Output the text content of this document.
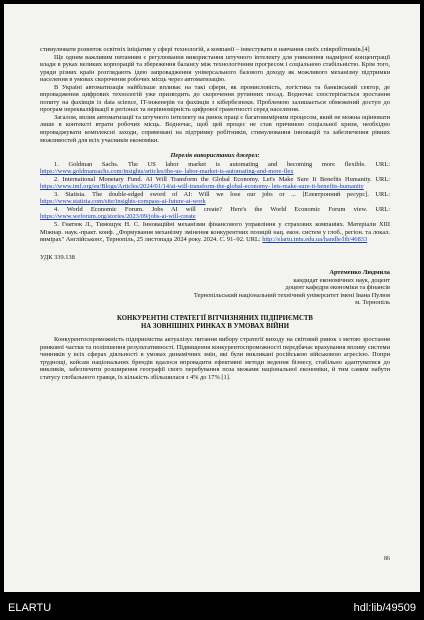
стимулювати розвиток освітніх ініціатив у сфері технологій, а компанії – інвестувати в навчання своїх співробітників.[4]

Ще одним важливим питанням є регулювання використання штучного інтелекту для уникнення надмірної концентрації влади в руках великих корпорацій та збереження балансу між технологічним прогресом і соціальною стабільністю. Крім того, уряди різних країн розглядають ідею запровадження універсального базового доходу як можливого механізму підтримки населення в умовах скорочення робочих місць через автоматизацію.

В Україні автоматизація найбільше впливає на такі сфери, як промисловість, логістика та банківський сектор, де впровадження цифрових технологій уже призводить до скорочення рутинних посад. Водночас спостерігається зростання попиту на фахівців із data science, IT-інженерів та фахівців з кібербезпеки. Проблемою залишається обмежений доступ до програм перекваліфікації в регіонах та нерівномірність цифрової грамотності серед населення.

Загалом, вплив автоматизації та штучного інтелекту на ринок праці є багатовимірним процесом, який не можна оцінювати лише в контексті втрати робочих місць. Водночас, щоб цей процес не став причиною соціальної кризи, необхідно впроваджувати комплексні заходи, спрямовані на підтримку робітників, стимулювання інновацій та забезпечення рівних можливостей для всіх учасників економіки.

Перелік використаних джерел:

1. Goldman Sachs. The US labor market is automating and becoming more flexible. URL: https://www.goldmansachs.com/insights/articles/the-us- labor-market-is-automating-and-more-flex

2. International Monetary Fund. AI Will Transform the Global Economy. Let's Make Sure It Benefits Humanity. URL: https://www.imf.org/en/Blogs/Articles/2024/01/14/ai-will-transform-the-global-economy- lets-make-sure-it-benefits-humanity

3. Statista. The double-edged sword of AI: Will we lose our jobs or ... [Електронний ресурс]. URL: https://www.statista.com/site/insights-compass-ai-future-at-work

4. World Economic Forum. Jobs AI will create? Here's the World Economic Forum view. URL: https://www.weforum.org/stories/2023/09/jobs-ai-will-create

5. Гнатюк Л., Тимощук Н. С. Інноваційні механізми фінансового управління у страхових компаніях. Матеріали ХІІІ Міжнар. наук.-практ. конф. „Формування механізму змінення конкурентних позицій нац. екон. систем у глоб., регіон. та локал. вимірах" Англійською:, Тернопіль, 25 листопада 2024 року. 2024. С. 91–92. URL: http://elartu.tntu.edu.ua/handle/lib/46833

УДК 339.138
Артеменко Людмила
кандидат економічних наук, доцент
доцент кафедри економіки та фінансів
Тернопільський національний технічний університет імені Івана Пулюя
м. Тернопіль
КОНКУРЕНТНІ СТРАТЕГІЇ ВІТЧИЗНЯНИХ ПІДПРИЄМСТВ
НА ЗОВНІШНІХ РИНКАХ В УМОВАХ ВІЙНИ

Конкурентоспроможність підприємства актуалізує питання вибору стратегії виходу на світовий ринок з метою зростання ринкової частки та поліпшення результативності. Підвищення конкурентоспроможності передбачає врахування впливу системи чинників у всіх сферах діяльності в умовах динамічних змін, які були викликані російською військовою агресією. Попри труднощі, кейсам національних брендів вдалося впровадити ефективні методи ведення бізнесу, стабільно адаптуватися до викликів, забезпечити розширення географії свого перебування поза межами національної економіки, й тим самим набути статусу глобального гравця, їх кількість збільшилася з 4% до 17% [1].

86
ELARTU	hdl:lib/49509
